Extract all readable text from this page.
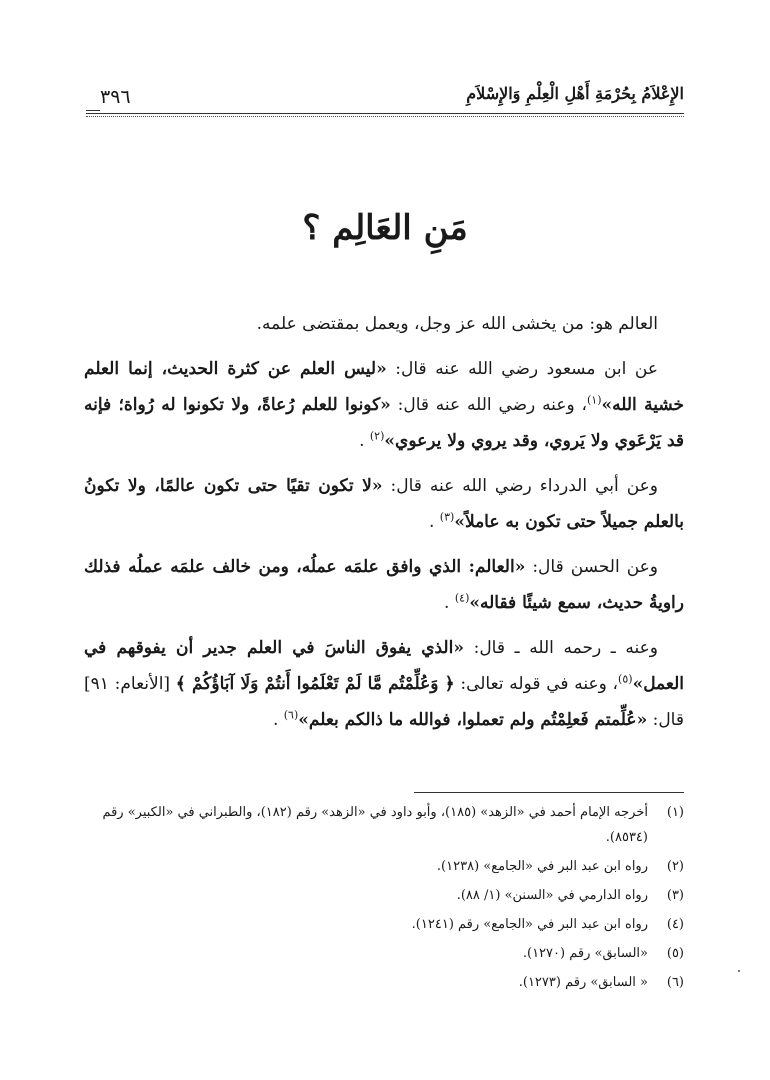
الإِعْلاَمُ بِحُرْمَةِ أَهْلِ الْعِلْمِ وَالإِسْلاَمِ
٣٩٦
مَنِ العَالِم ؟

العالم هو: من يخشى الله عز وجل، ويعمل بمقتضى علمه.

عن ابن مسعود رضي الله عنه قال: «ليس العلم عن كثرة الحديث، إنما العلم خشية الله»$^{(١)}$، وعنه رضي الله عنه قال: «كونوا للعلم رُعاةً، ولا تكونوا له رُواة؛ فإنه قد يَرْعَوي ولا يَروي، وقد يروي ولا يرعوي»$^{(٢)}$ .

وعن أبي الدرداء رضي الله عنه قال: «لا تكون تقيًا حتى تكون عالمًا، ولا تكونُ بالعلم جميلاً حتى تكون به عاملاً»$^{(٣)}$ .

وعن الحسن قال: «العالم: الذي وافق علمَه عملُه، ومن خالف علمَه عملُه فذلك راويةُ حديث، سمع شيئًا فقاله»$^{(٤)}$ .

وعنه ـ رحمه الله ـ قال: «الذي يفوق الناسَ في العلم جدير أن يفوقهم في العمل»$^{(٥)}$، وعنه في قوله تعالى: ﴿ وَعُلِّمْتُم مَّا لَمْ تَعْلَمُوا أَنتُمْ وَلَا آبَاؤُكُمْ ﴾ [الأنعام: ٩١] قال: «عُلِّمتم فَعلِمْتُم ولم تعملوا، فوالله ما ذالكم بعلم»$^{(٦)}$ .

(١)
أخرجه الإمام أحمد في «الزهد» (١٨٥)، وأبو داود في «الزهد» رقم (١٨٢)، والطبراني في «الكبير» رقم (٨٥٣٤).
(٢)
رواه ابن عبد البر في «الجامع» (١٢٣٨).
(٣)
رواه الدارمي في «السنن» (١/ ٨٨).
(٤)
رواه ابن عبد البر في «الجامع» رقم (١٢٤١).
(٥)
«السابق» رقم (١٢٧٠).
(٦)
« السابق» رقم (١٢٧٣).
